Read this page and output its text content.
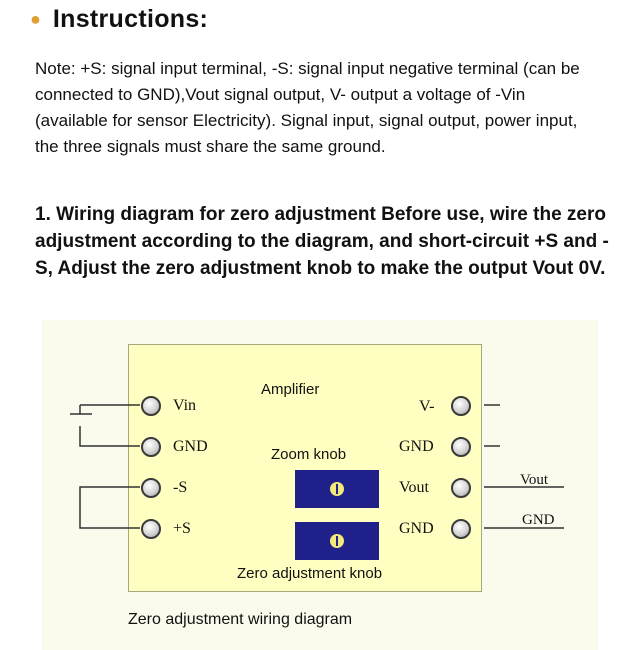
● Instructions:
Note: +S: signal input terminal, -S: signal input negative terminal (can be connected to GND),Vout signal output, V- output a voltage of -Vin (available for sensor Electricity). Signal input, signal output, power input, the three signals must share the same ground.
1. Wiring diagram for zero adjustment Before use, wire the zero adjustment according to the diagram, and short-circuit +S and -S, Adjust the zero adjustment knob to make the output Vout 0V.
Amplifier
Vin
GND
-S
+S
V-
GND
Vout
GND
Zoom knob
Zero adjustment knob
Vout
GND
Zero adjustment wiring diagram
